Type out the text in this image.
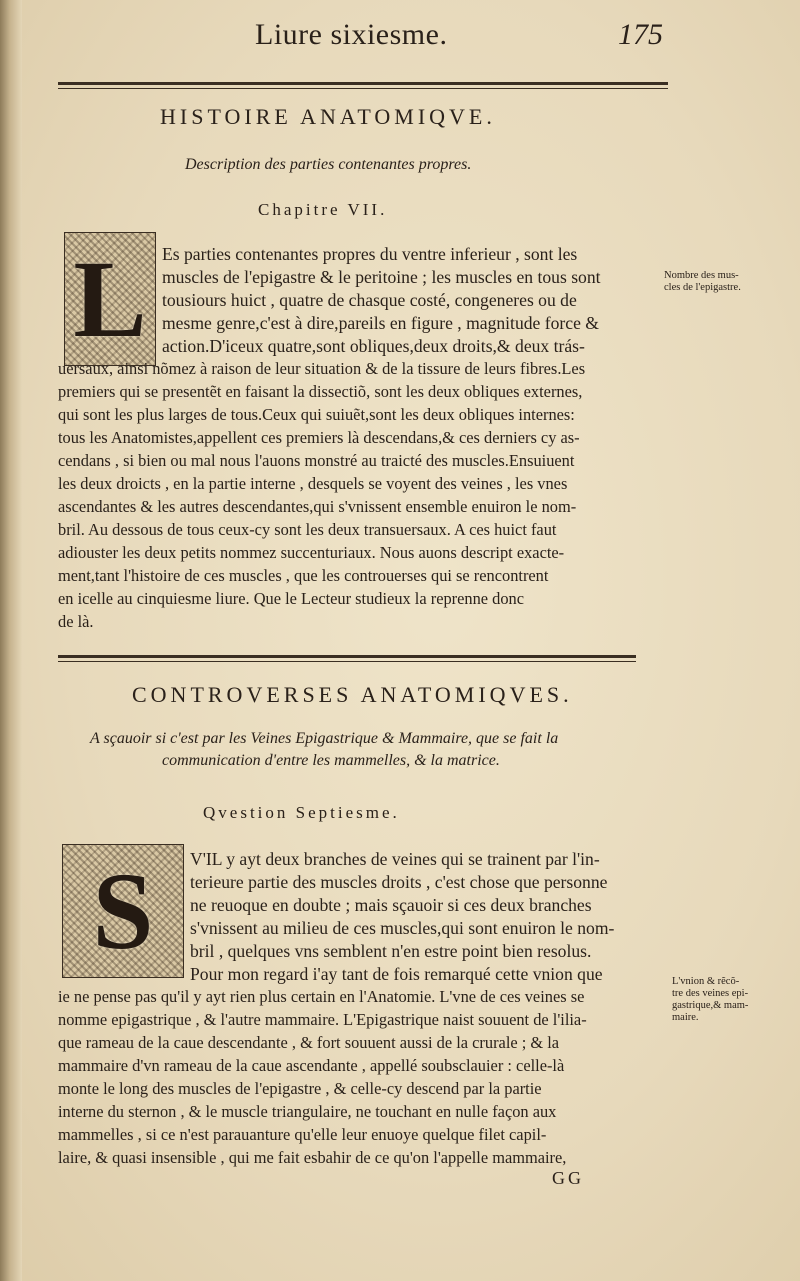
Liure sixiesme.	175
HISTOIRE ANATOMIQVE.
Description des parties contenantes propres.
Chapitre VII.
L Es parties contenantes propres du ventre inferieur , sont les
muscles de l'epigastre & le peritoine ; les muscles en tous sont
tousiours huict , quatre de chasque costé, congeneres ou de
mesme genre,c'est à dire,pareils en figure , magnitude force &
action.D'iceux quatre,sont obliques,deux droits,& deux trás-
uersaux, ainsi nõmez à raison de leur situation & de la tissure de leurs fibres.Les
premiers qui se presentẽt en faisant la dissectiõ, sont les deux obliques externes,
qui sont les plus larges de tous.Ceux qui suiuẽt,sont les deux obliques internes:
tous les Anatomistes,appellent ces premiers là descendans,& ces derniers cy as-
cendans , si bien ou mal nous l'auons monstré au traicté des muscles.Ensuiuent
les deux droicts , en la partie interne , desquels se voyent des veines , les vnes
ascendantes & les autres descendantes,qui s'vnissent ensemble enuiron le nom-
bril. Au dessous de tous ceux-cy sont les deux transuersaux. A ces huict faut
adiouster les deux petits nommez succenturiaux. Nous auons descript exacte-
ment,tant l'histoire de ces muscles , que les controuerses qui se rencontrent
en icelle au cinquiesme liure. Que le Lecteur studieux la reprenne donc
de là.
Nombre des mus-
cles de l'epigastre.
CONTROVERSES ANATOMIQVES.
A sçauoir si c'est par les Veines Epigastrique & Mammaire, que se fait la
communication d'entre les mammelles, & la matrice.
Qvestion Septiesme.
S V'IL y ayt deux branches de veines qui se trainent par l'in-
terieure partie des muscles droits , c'est chose que personne
ne reuoque en doubte ; mais sçauoir si ces deux branches
s'vnissent au milieu de ces muscles,qui sont enuiron le nom-
bril , quelques vns semblent n'en estre point bien resolus.
Pour mon regard i'ay tant de fois remarqué cette vnion que
ie ne pense pas qu'il y ayt rien plus certain en l'Anatomie. L'vne de ces veines se
nomme epigastrique , & l'autre mammaire. L'Epigastrique naist souuent de l'ilia-
que rameau de la caue descendante , & fort souuent aussi de la crurale ; & la
mammaire d'vn rameau de la caue ascendante , appellé soubsclauier : celle-là
monte le long des muscles de l'epigastre , & celle-cy descend par la partie
interne du sternon , & le muscle triangulaire, ne touchant en nulle façon aux
mammelles , si ce n'est parauanture qu'elle leur enuoye quelque filet capil-
laire, & quasi insensible , qui me fait esbahir de ce qu'on l'appelle mammaire,
L'vnion & rẽcõ-
tre des veines epi-
gastrique,& mam-
maire.
GG
